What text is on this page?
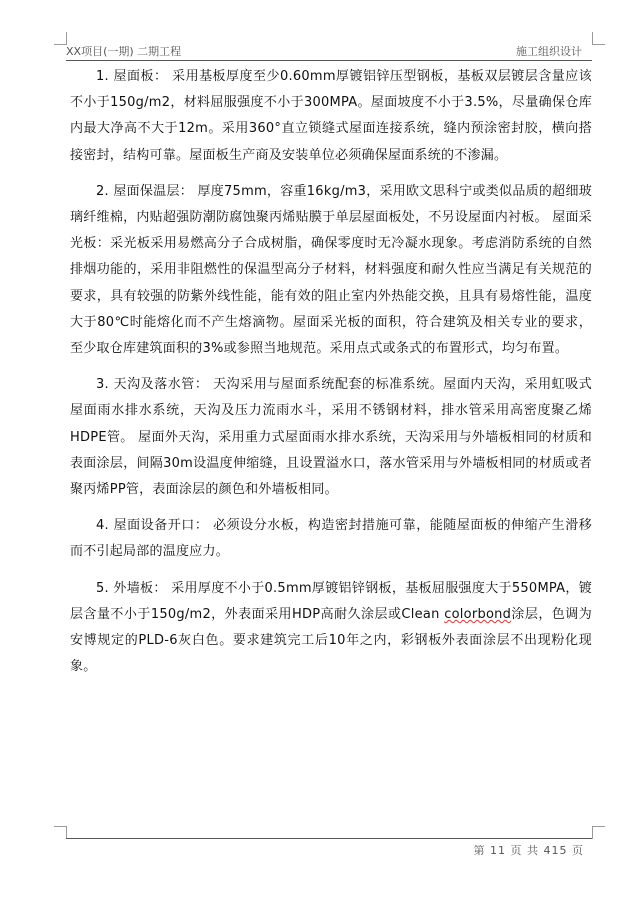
XX项目(一期) 二期工程	施工组织设计

1. 屋面板： 采用基板厚度至少0.60mm厚镀铝锌压型钢板，基板双层镀层含量应该不小于150g/m2，材料屈服强度不小于300MPA。屋面坡度不小于3.5%，尽量确保仓库内最大净高不大于12m。采用360°直立锁缝式屋面连接系统，缝内预涂密封胶，横向搭接密封，结构可靠。屋面板生产商及安装单位必须确保屋面系统的不渗漏。

2. 屋面保温层： 厚度75mm，容重16kg/m3，采用欧文思科宁或类似品质的超细玻璃纤维棉，内贴超强防潮防腐蚀聚丙烯贴膜于单层屋面板处，不另设屋面内衬板。 屋面采光板：采光板采用易燃高分子合成树脂，确保零度时无冷凝水现象。考虑消防系统的自然排烟功能的，采用非阻燃性的保温型高分子材料，材料强度和耐久性应当满足有关规范的要求，具有较强的防紫外线性能，能有效的阻止室内外热能交换，且具有易熔性能，温度大于80℃时能熔化而不产生熔滴物。屋面采光板的面积，符合建筑及相关专业的要求，至少取仓库建筑面积的3%或参照当地规范。采用点式或条式的布置形式，均匀布置。

3. 天沟及落水管： 天沟采用与屋面系统配套的标准系统。屋面内天沟，采用虹吸式屋面雨水排水系统，天沟及压力流雨水斗，采用不锈钢材料，排水管采用高密度聚乙烯HDPE管。 屋面外天沟，采用重力式屋面雨水排水系统，天沟采用与外墙板相同的材质和表面涂层，间隔30m设温度伸缩缝，且设置溢水口，落水管采用与外墙板相同的材质或者聚丙烯PP管，表面涂层的颜色和外墙板相同。

4. 屋面设备开口： 必须设分水板，构造密封措施可靠，能随屋面板的伸缩产生滑移而不引起局部的温度应力。

5. 外墙板： 采用厚度不小于0.5mm厚镀铝锌钢板，基板屈服强度大于550MPA，镀层含量不小于150g/m2，外表面采用HDP高耐久涂层或Clean colorbond涂层，色调为安博规定的PLD-6灰白色。要求建筑完工后10年之内，彩钢板外表面涂层不出现粉化现象。

第 11 页 共 415 页
